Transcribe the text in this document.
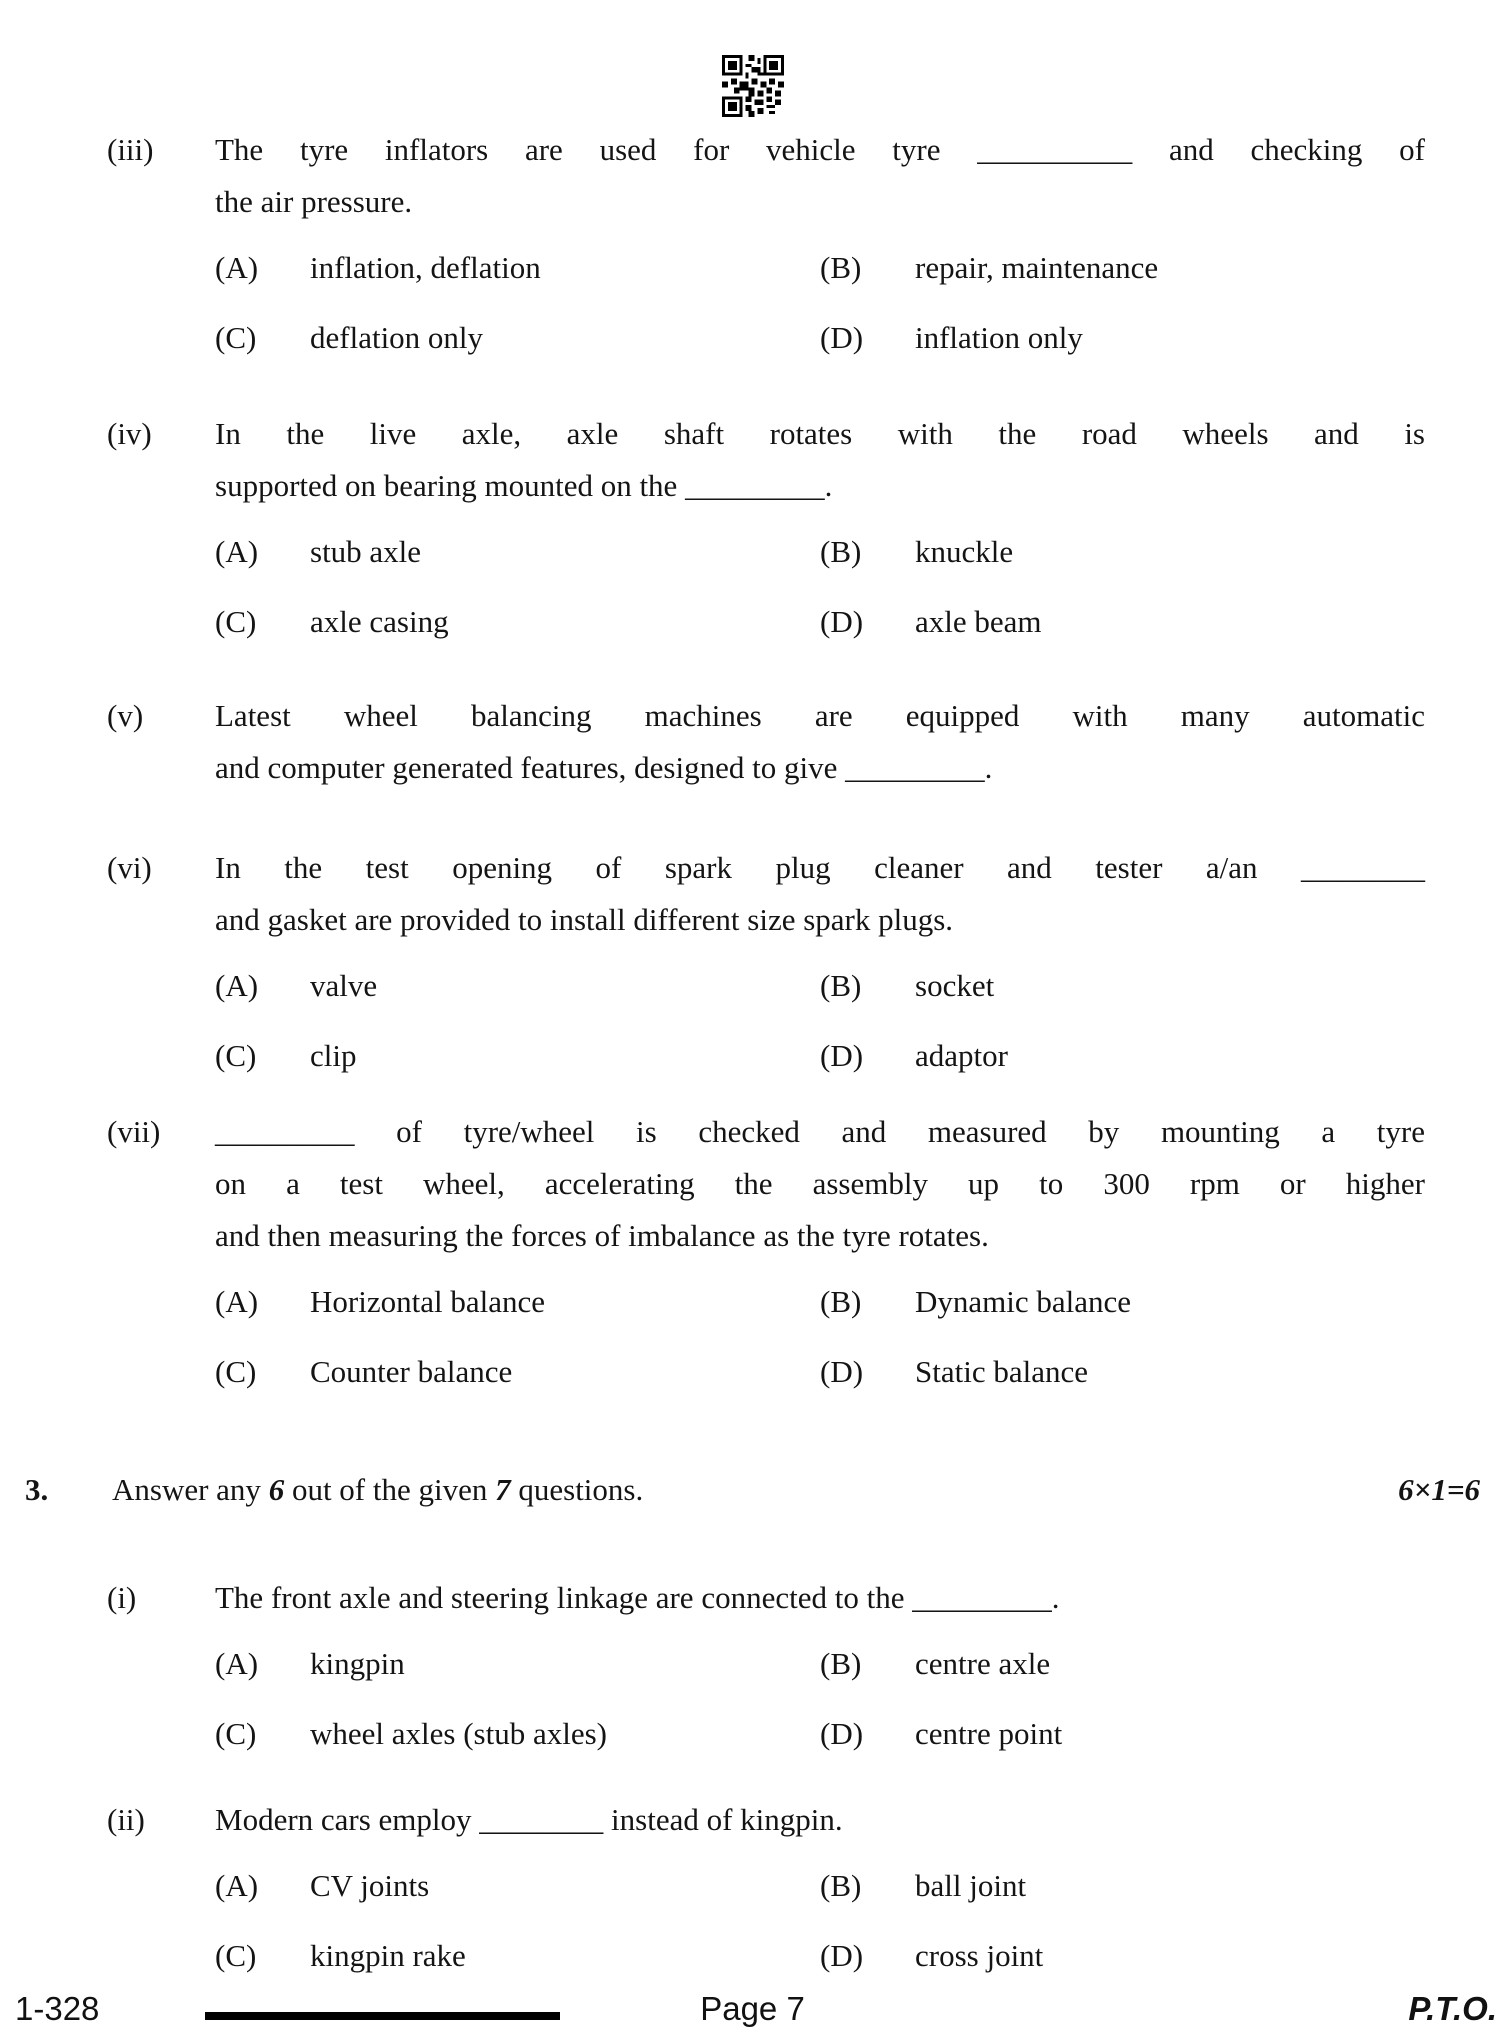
(iii)	The tyre inflators are used for vehicle tyre __________ and checking of
the air pressure.
(A)	inflation, deflation	(B)	repair, maintenance
(C)	deflation only	(D)	inflation only
(iv)	In the live axle, axle shaft rotates with the road wheels and is
supported on bearing mounted on the _________.
(A)	stub axle	(B)	knuckle
(C)	axle casing	(D)	axle beam
(v)	Latest wheel balancing machines are equipped with many automatic
and computer generated features, designed to give _________.
(vi)	In the test opening of spark plug cleaner and tester a/an ________
and gasket are provided to install different size spark plugs.
(A)	valve	(B)	socket
(C)	clip	(D)	adaptor
(vii)	_________ of tyre/wheel is checked and measured by mounting a tyre
on a test wheel, accelerating the assembly up to 300 rpm or higher
and then measuring the forces of imbalance as the tyre rotates.
(A)	Horizontal balance	(B)	Dynamic balance
(C)	Counter balance	(D)	Static balance
3.	Answer any 6 out of the given 7 questions.	6×1=6
(i)	The front axle and steering linkage are connected to the _________.
(A)	kingpin	(B)	centre axle
(C)	wheel axles (stub axles)	(D)	centre point
(ii)	Modern cars employ ________ instead of kingpin.
(A)	CV joints	(B)	ball joint
(C)	kingpin rake	(D)	cross joint
1-328	Page 7	P.T.O.
